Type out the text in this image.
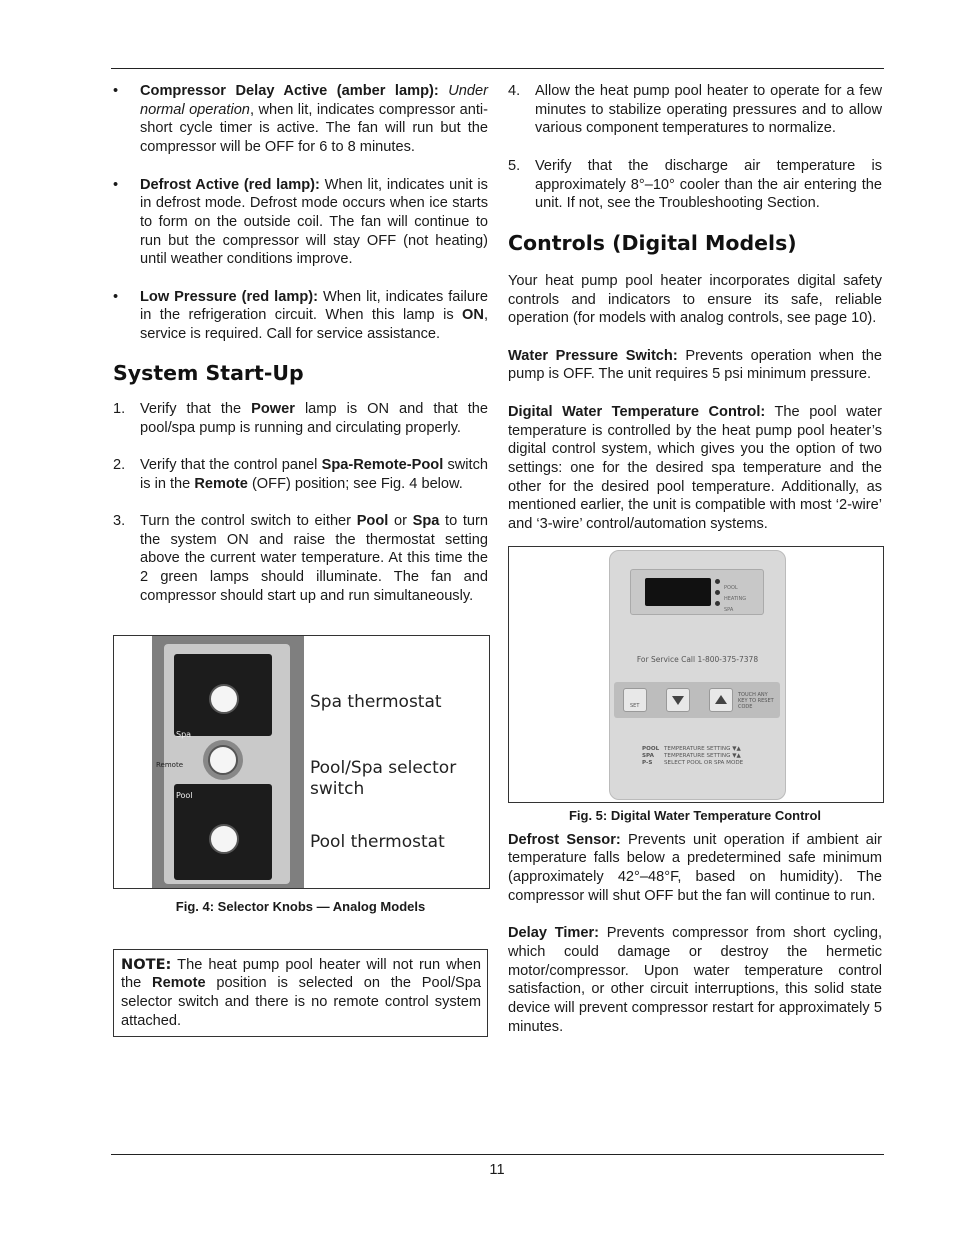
• Compressor Delay Active (amber lamp): Under normal operation, when lit, indicates compressor anti-short cycle timer is active. The fan will run but the compressor will be OFF for 6 to 8 minutes.
• Defrost Active (red lamp): When lit, indicates unit is in defrost mode. Defrost mode occurs when ice starts to form on the outside coil. The fan will continue to run but the compressor will stay OFF (not heating) until weather conditions improve.
• Low Pressure (red lamp): When lit, indicates failure in the refrigeration circuit. When this lamp is ON, service is required. Call for service assistance.
System Start-Up
1. Verify that the Power lamp is ON and that the pool/spa pump is running and circulating properly.
2. Verify that the control panel Spa-Remote-Pool switch is in the Remote (OFF) position; see Fig. 4 below.
3. Turn the control switch to either Pool or Spa to turn the system ON and raise the thermostat setting above the current water temperature. At this time the 2 green lamps should illuminate. The fan and compressor should start up and run simultaneously.
Spa
Remote
Pool
Spa thermostat
Pool/Spa selector switch
Pool thermostat
Fig. 4: Selector Knobs — Analog Models

NOTE: The heat pump pool heater will not run when the Remote position is selected on the Pool/Spa selector switch and there is no remote control system attached.

4. Allow the heat pump pool heater to operate for a few minutes to stabilize operating pressures and to allow various component temperatures to normalize.
5. Verify that the discharge air temperature is approximately 8°–10° cooler than the air entering the unit. If not, see the Troubleshooting Section.
Controls (Digital Models)

Your heat pump pool heater incorporates digital safety controls and indicators to ensure its safe, reliable operation (for models with analog controls, see page 10).

Water Pressure Switch: Prevents operation when the pump is OFF. The unit requires 5 psi minimum pressure.

Digital Water Temperature Control: The pool water temperature is controlled by the heat pump pool heater’s digital control system, which gives you the option of two settings: one for the desired spa temperature and the other for the desired pool temperature. Additionally, as mentioned earlier, the unit is compatible with most ‘2-wire’ and ‘3-wire’ control/automation systems.

POOL
HEATING
SPA
For Service Call 1-800-375-7378
SET
TOUCH ANY KEY TO RESET CODE
POOL TEMPERATURE SETTING ▼▲
SPA TEMPERATURE SETTING ▼▲
P-S SELECT POOL OR SPA MODE
Fig. 5: Digital Water Temperature Control

Defrost Sensor: Prevents unit operation if ambient air temperature falls below a predetermined safe minimum (approximately 42°–48°F, based on humidity). The compressor will shut OFF but the fan will continue to run.

Delay Timer: Prevents compressor from short cycling, which could damage or destroy the hermetic motor/compressor. Upon water temperature control satisfaction, or other circuit interruptions, this solid state device will prevent compressor restart for approximately 5 minutes.

11
